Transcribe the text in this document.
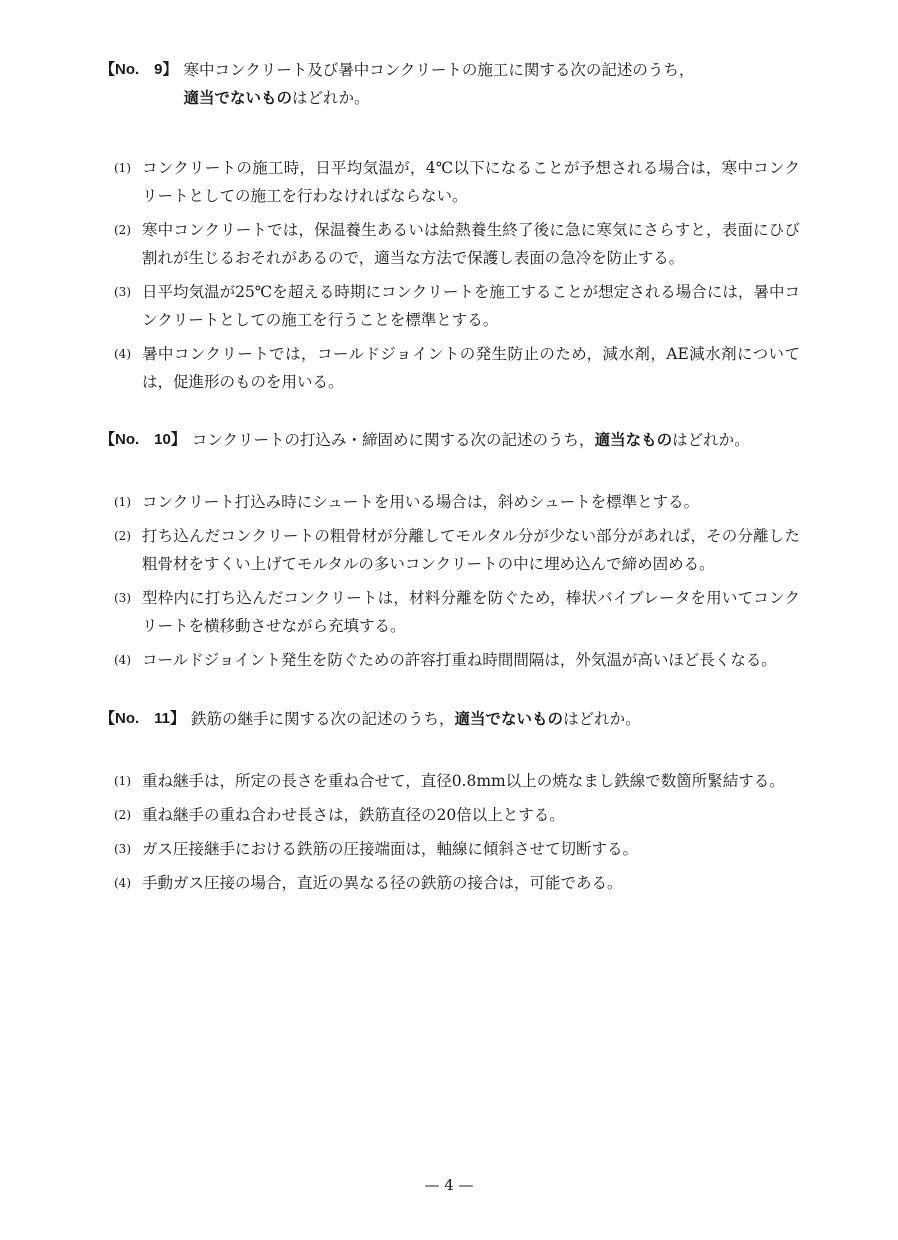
【No.　9】 寒中コンクリート及び暑中コンクリートの施工に関する次の記述のうち，
適当でないものはどれか。
(1) コンクリートの施工時，日平均気温が，4℃以下になることが予想される場合は，寒中コンクリートとしての施工を行わなければならない。
(2) 寒中コンクリートでは，保温養生あるいは給熱養生終了後に急に寒気にさらすと，表面にひび割れが生じるおそれがあるので，適当な方法で保護し表面の急冷を防止する。
(3) 日平均気温が25℃を超える時期にコンクリートを施工することが想定される場合には，暑中コンクリートとしての施工を行うことを標準とする。
(4) 暑中コンクリートでは，コールドジョイントの発生防止のため，減水剤，AE減水剤については，促進形のものを用いる。
【No.　10】 コンクリートの打込み・締固めに関する次の記述のうち，適当なものはどれか。
(1) コンクリート打込み時にシュートを用いる場合は，斜めシュートを標準とする。
(2) 打ち込んだコンクリートの粗骨材が分離してモルタル分が少ない部分があれば，その分離した粗骨材をすくい上げてモルタルの多いコンクリートの中に埋め込んで締め固める。
(3) 型枠内に打ち込んだコンクリートは，材料分離を防ぐため，棒状バイブレータを用いてコンクリートを横移動させながら充填する。
(4) コールドジョイント発生を防ぐための許容打重ね時間間隔は，外気温が高いほど長くなる。
【No.　11】 鉄筋の継手に関する次の記述のうち，適当でないものはどれか。
(1) 重ね継手は，所定の長さを重ね合せて，直径0.8mm以上の焼なまし鉄線で数箇所緊結する。
(2) 重ね継手の重ね合わせ長さは，鉄筋直径の20倍以上とする。
(3) ガス圧接継手における鉄筋の圧接端面は，軸線に傾斜させて切断する。
(4) 手動ガス圧接の場合，直近の異なる径の鉄筋の接合は，可能である。
— 4 —
